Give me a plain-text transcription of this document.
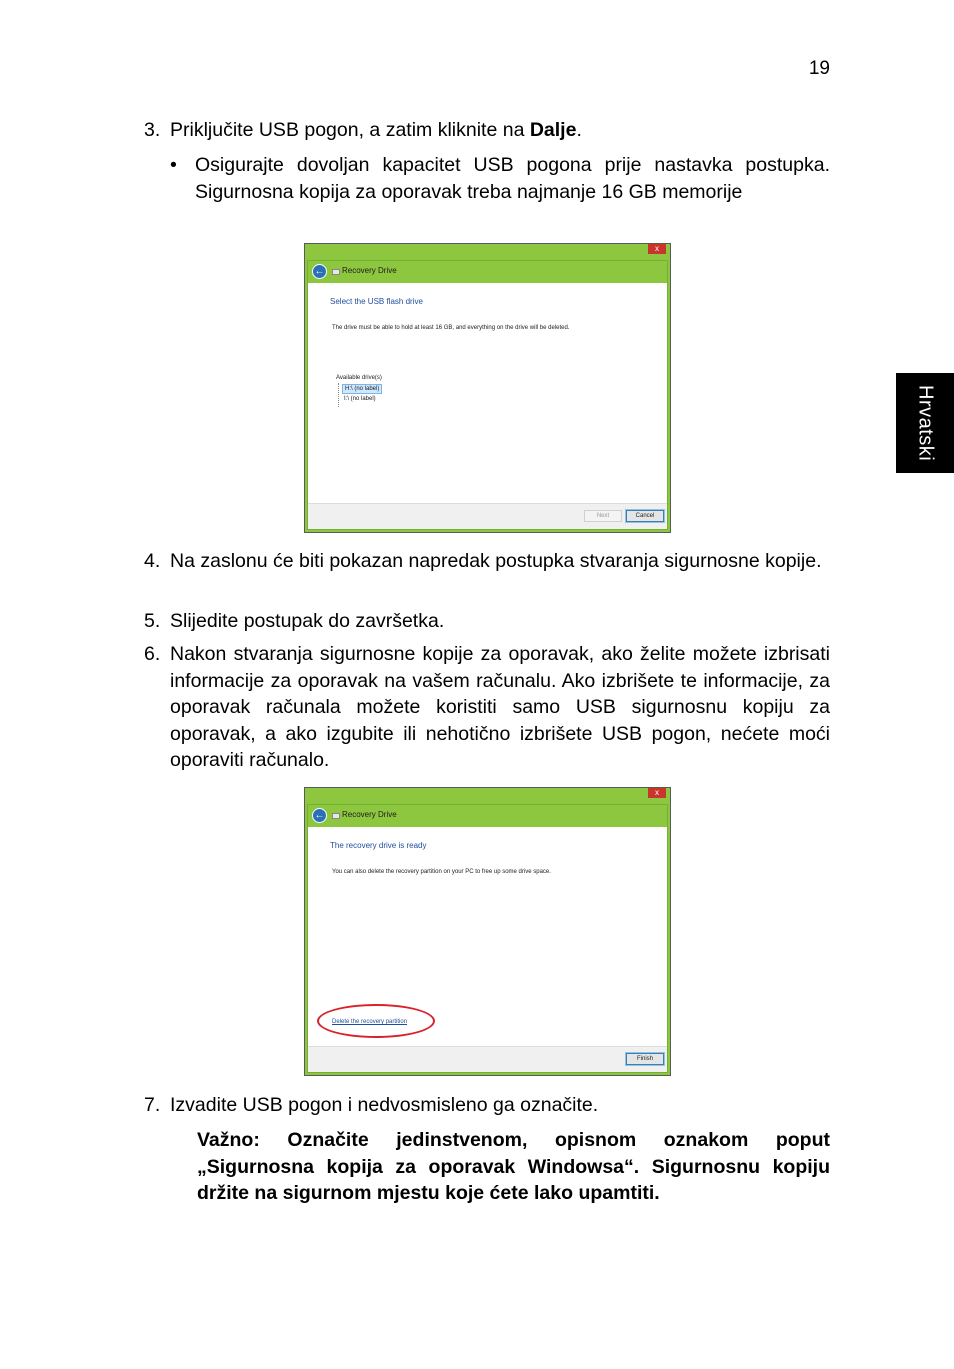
19
Hrvatski
3. Priključite USB pogon, a zatim kliknite na Dalje.
• Osigurajte dovoljan kapacitet USB pogona prije nastavka postupka. Sigurnosna kopija za oporavak treba najmanje 16 GB memorije
x
←	Recovery Drive
Select the USB flash drive
The drive must be able to hold at least 16 GB, and everything on the drive will be deleted.
Available drive(s)
H:\ (no label)
I:\ (no label)
Next	Cancel
4. Na zaslonu će biti pokazan napredak postupka stvaranja sigurnosne kopije.
5. Slijedite postupak do završetka.
6. Nakon stvaranja sigurnosne kopije za oporavak, ako želite možete izbrisati informacije za oporavak na vašem računalu. Ako izbrišete te informacije, za oporavak računala možete koristiti samo USB sigurnosnu kopiju za oporavak, a ako izgubite ili nehotično izbrišete USB pogon, nećete moći oporaviti računalo.
x
←	Recovery Drive
The recovery drive is ready
You can also delete the recovery partition on your PC to free up some drive space.
Delete the recovery partition
Finish
7. Izvadite USB pogon i nedvosmisleno ga označite.
Važno: Označite jedinstvenom, opisnom oznakom poput „Sigurnosna kopija za oporavak Windowsa“. Sigurnosnu kopiju držite na sigurnom mjestu koje ćete lako upamtiti.
